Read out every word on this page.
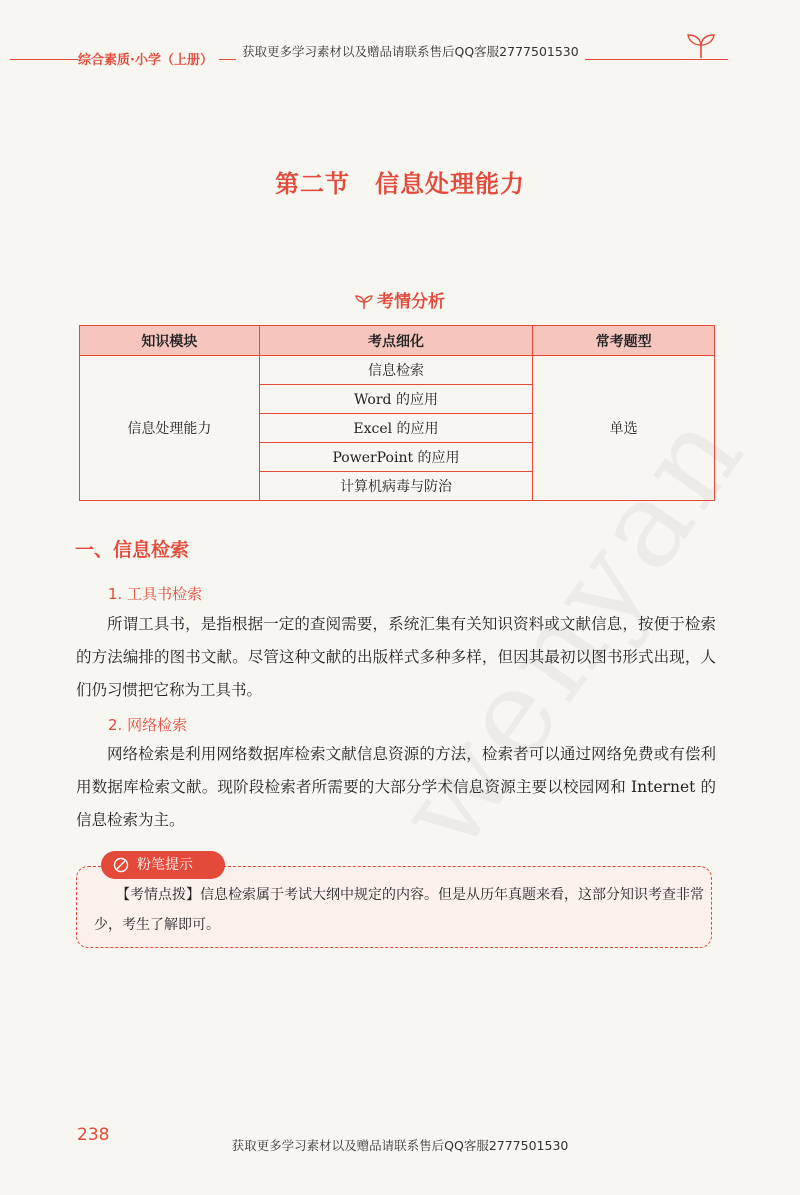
综合素质·小学（上册）
获取更多学习素材以及赠品请联系售后QQ客服2777501530
第二节　信息处理能力
考情分析
知识模块	考点细化	常考题型
信息处理能力	信息检索	单选
	Word 的应用	
	Excel 的应用	
	PowerPoint 的应用	
	计算机病毒与防治	
一、信息检索
1. 工具书检索
所谓工具书，是指根据一定的查阅需要，系统汇集有关知识资料或文献信息，按便于检索的方法编排的图书文献。尽管这种文献的出版样式多种多样，但因其最初以图书形式出现，人们仍习惯把它称为工具书。
2. 网络检索
网络检索是利用网络数据库检索文献信息资源的方法，检索者可以通过网络免费或有偿利用数据库检索文献。现阶段检索者所需要的大部分学术信息资源主要以校园网和 Internet 的信息检索为主。
粉笔提示
【考情点拨】信息检索属于考试大纲中规定的内容。但是从历年真题来看，这部分知识考查非常少，考生了解即可。
238
获取更多学习素材以及赠品请联系售后QQ客服2777501530
